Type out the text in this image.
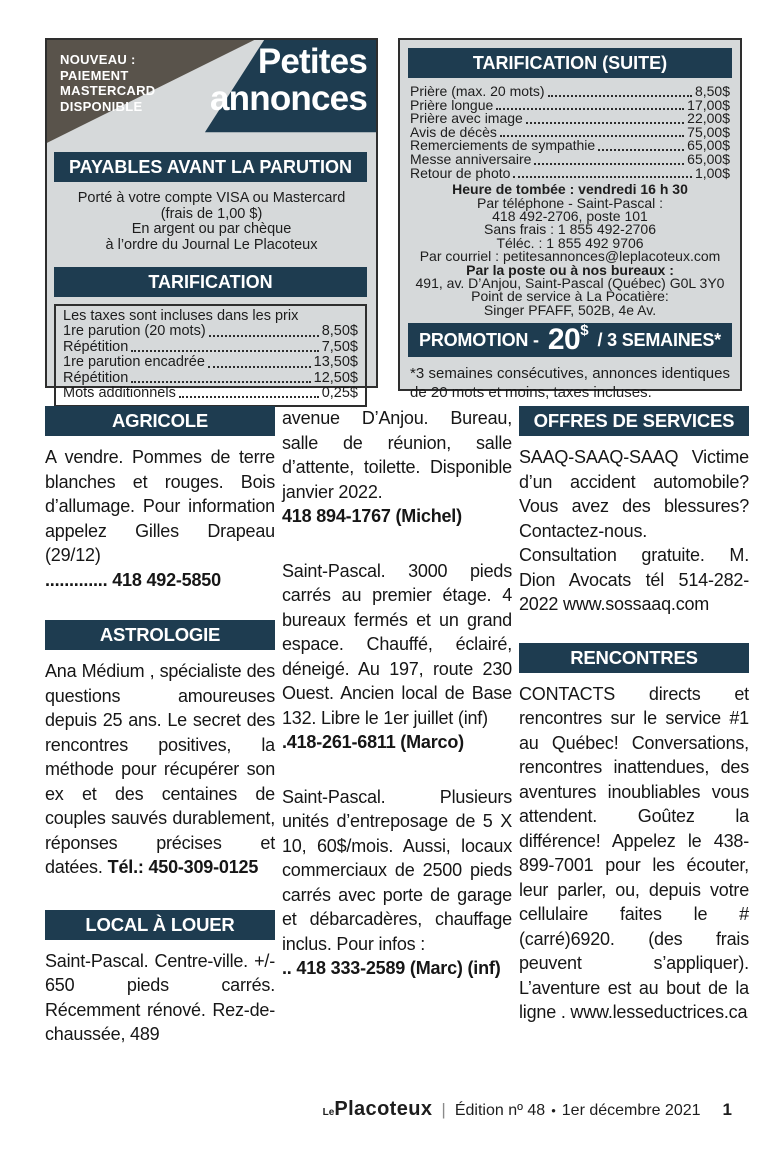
NOUVEAU :
PAIEMENT
MASTERCARD
DISPONIBLE
Petites
annonces
PAYABLES AVANT LA PARUTION
Porté à votre compte VISA ou Mastercard
(frais de 1,00 $)
En argent ou par chèque
à l’ordre du Journal Le Placoteux
TARIFICATION
Les taxes sont incluses dans les prix
1re parution (20 mots)	8,50$
Répétition	7,50$
1re parution encadrée	13,50$
Répétition	12,50$
Mots additionnels	0,25$
TARIFICATION (SUITE)
Prière (max. 20 mots)	8,50$
Prière longue	17,00$
Prière avec image	22,00$
Avis de décès	75,00$
Remerciements de sympathie	65,00$
Messe anniversaire	65,00$
Retour de photo	1,00$
Heure de tombée : vendredi 16 h 30
Par téléphone - Saint-Pascal :
418 492-2706, poste 101
Sans frais : 1 855 492-2706
Téléc. : 1 855 492 9706
Par courriel : petitesannonces@leplacoteux.com
Par la poste ou à nos bureaux :
491, av. D’Anjou, Saint-Pascal (Québec) G0L 3Y0
Point de service à La Pocatière:
Singer PFAFF, 502B, 4e Av.
PROMOTION - 20$ / 3 SEMAINES*

*3 semaines consécutives, annonces identiques de 20 mots et moins, taxes incluses.

AGRICOLE

A vendre. Pommes de terre blanches et rouges. Bois d’allumage. Pour information appelez Gilles Drapeau (29/12)

............. 418 492-5850

ASTROLOGIE

Ana Médium , spécialiste des questions amoureuses depuis 25 ans. Le secret des rencontres positives, la méthode pour récupérer son ex et des centaines de couples sauvés durablement, réponses précises et datées. Tél.: 450-309-0125

LOCAL À LOUER

Saint-Pascal. Centre-ville. +/- 650 pieds carrés. Récemment rénové. Rez-de-chaussée, 489

avenue D’Anjou. Bureau, salle de réunion, salle d’attente, toilette. Disponible janvier 2022.

418 894-1767 (Michel)

Saint-Pascal. 3000 pieds carrés au premier étage. 4 bureaux fermés et un grand espace. Chauffé, éclairé, déneigé. Au 197, route 230 Ouest. Ancien local de Base 132. Libre le 1er juillet (inf)

.418-261-6811 (Marco)

Saint-Pascal. Plusieurs unités d’entreposage de 5 X 10, 60$/mois. Aussi, locaux commerciaux de 2500 pieds carrés avec porte de garage et débarcadères, chauffage inclus. Pour infos :

.. 418 333-2589 (Marc) (inf)

OFFRES DE SERVICES

SAAQ-SAAQ-SAAQ Victime d’un accident automobile? Vous avez des blessures? Contactez-nous. Consultation gratuite. M. Dion Avocats tél 514-282-2022 www.sossaaq.com

RENCONTRES

CONTACTS directs et rencontres sur le service #1 au Québec! Conversations, rencontres inattendues, des aventures inoubliables vous attendent. Goûtez la différence! Appelez le 438-899-7001 pour les écouter, leur parler, ou, depuis votre cellulaire faites le #(carré)6920. (des frais peuvent s’appliquer). L’aventure est au bout de la ligne . www.lesseductrices.ca

Le Placoteux | Édition nº 48 • 1er décembre 2021 1
